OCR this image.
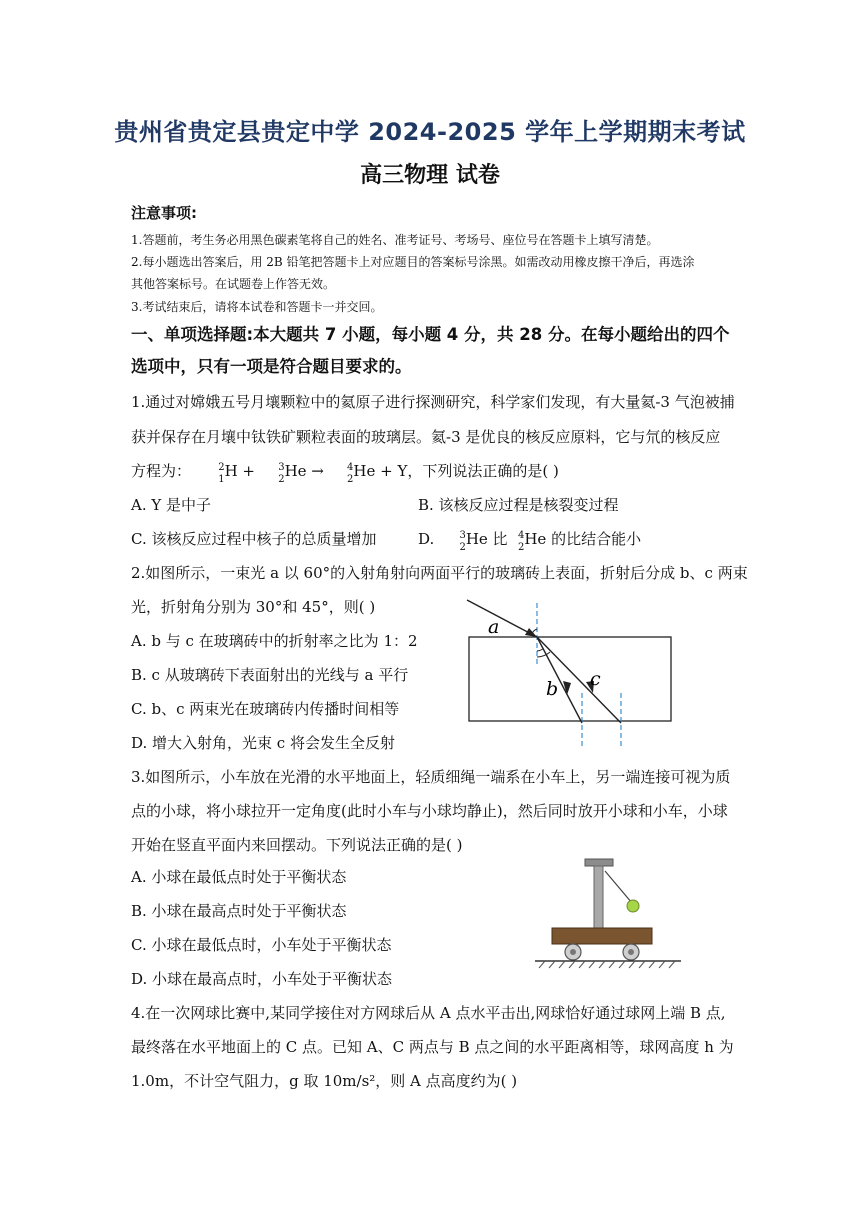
贵州省贵定县贵定中学 2024-2025 学年上学期期末考试
高三物理 试卷
注意事项:
1.答题前，考生务必用黑色碳素笔将自己的姓名、准考证号、考场号、座位号在答题卡上填写清楚。
2.每小题选出答案后，用 2B 铅笔把答题卡上对应题目的答案标号涂黑。如需改动用橡皮擦干净后，再选涂
其他答案标号。在试题卷上作答无效。
3.考试结束后，请将本试卷和答题卡一并交回。
一、单项选择题:本大题共 7 小题，每小题 4 分，共 28 分。在每小题给出的四个
选项中，只有一项是符合题目要求的。
1.通过对嫦娥五号月壤颗粒中的氦原子进行探测研究，科学家们发现，有大量氦-3 气泡被捕
获并保存在月壤中钛铁矿颗粒表面的玻璃层。氦-3 是优良的核反应原料，它与氘的核反应
方程为：	2
1 H + 3
2 He → 4
2 He + Y，下列说法正确的是( )
A. Y 是中子	B. 该核反应过程是核裂变过程
C. 该核反应过程中核子的总质量增加	D.	3
2 He 比 4
2 He 的比结合能小
2.如图所示，一束光 a 以 60°的入射角射向两面平行的玻璃砖上表面，折射后分成 b、c 两束
光，折射角分别为 30°和 45°，则( )
A. b 与 c 在玻璃砖中的折射率之比为 1：2
B. c 从玻璃砖下表面射出的光线与 a 平行
C. b、c 两束光在玻璃砖内传播时间相等
D. 增大入射角，光束 c 将会发生全反射
a
b c
3.如图所示，小车放在光滑的水平地面上，轻质细绳一端系在小车上，另一端连接可视为质
点的小球，将小球拉开一定角度(此时小车与小球均静止)，然后同时放开小球和小车，小球
开始在竖直平面内来回摆动。下列说法正确的是( )
A. 小球在最低点时处于平衡状态
B. 小球在最高点时处于平衡状态
C. 小球在最低点时，小车处于平衡状态
D. 小球在最高点时，小车处于平衡状态
4.在一次网球比赛中,某同学接住对方网球后从 A 点水平击出,网球恰好通过球网上端 B 点,
最终落在水平地面上的 C 点。已知 A、C 两点与 B 点之间的水平距离相等，球网高度 h 为
1.0m，不计空气阻力，g 取 10m/s²，则 A 点高度约为( )
